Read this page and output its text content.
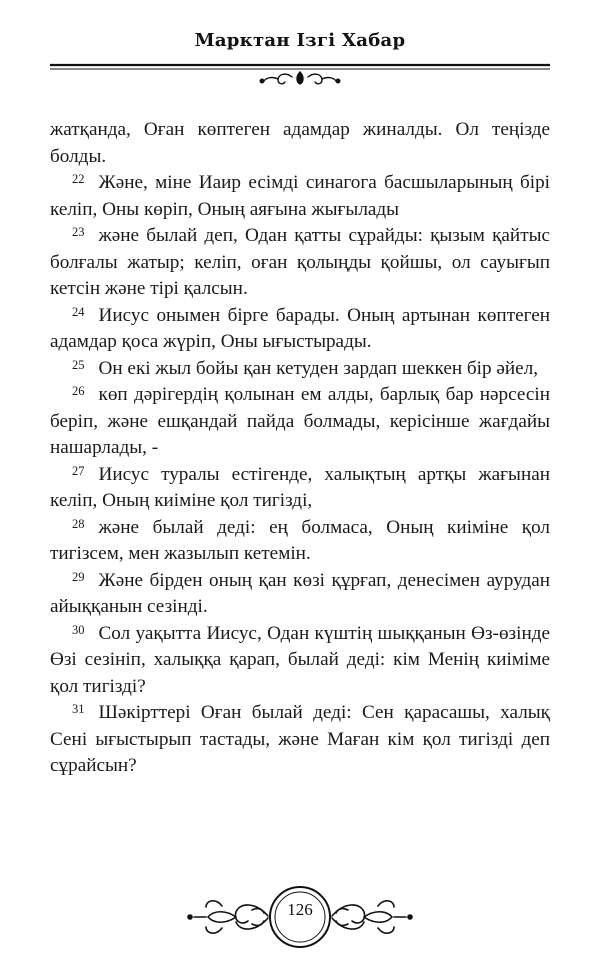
Марктан Ізгі Хабар

жатқанда, Оған көптеген адамдар жиналды. Ол теңізде болды.

$^{22}$ Және, міне Иаир есімді синагога басшыларының бірі келіп, Оны көріп, Оның аяғына жығылады

$^{23}$ және былай деп, Одан қатты сұрайды: қызым қайтыс болғалы жатыр; келіп, оған қолыңды қойшы, ол сауығып кетсін және тірі қалсын.

$^{24}$ Иисус онымен бірге барады. Оның артынан көптеген адамдар қоса жүріп, Оны ығыстырады.

$^{25}$ Он екі жыл бойы қан кетуден зардап шеккен бір әйел,

$^{26}$ көп дәрігердің қолынан ем алды, барлық бар нәрсесін беріп, және ешқандай пайда болмады, керісінше жағдайы нашарлады, -

$^{27}$ Иисус туралы естігенде, халықтың артқы жағынан келіп, Оның киіміне қол тигізді,

$^{28}$ және былай деді: ең болмаса, Оның киіміне қол тигізсем, мен жазылып кетемін.

$^{29}$ Және бірден оның қан көзі құрғап, денесімен аурудан айыққанын сезінді.

$^{30}$ Сол уақытта Иисус, Одан күштің шыққанын Өз-өзінде Өзі сезініп, халыққа қарап, былай деді: кім Менің киіміме қол тигізді?

$^{31}$ Шәкірттері Оған былай деді: Сен қарасашы, халық Сені ығыстырып тастады, және Маған кім қол тигізді деп сұрайсын?

126
